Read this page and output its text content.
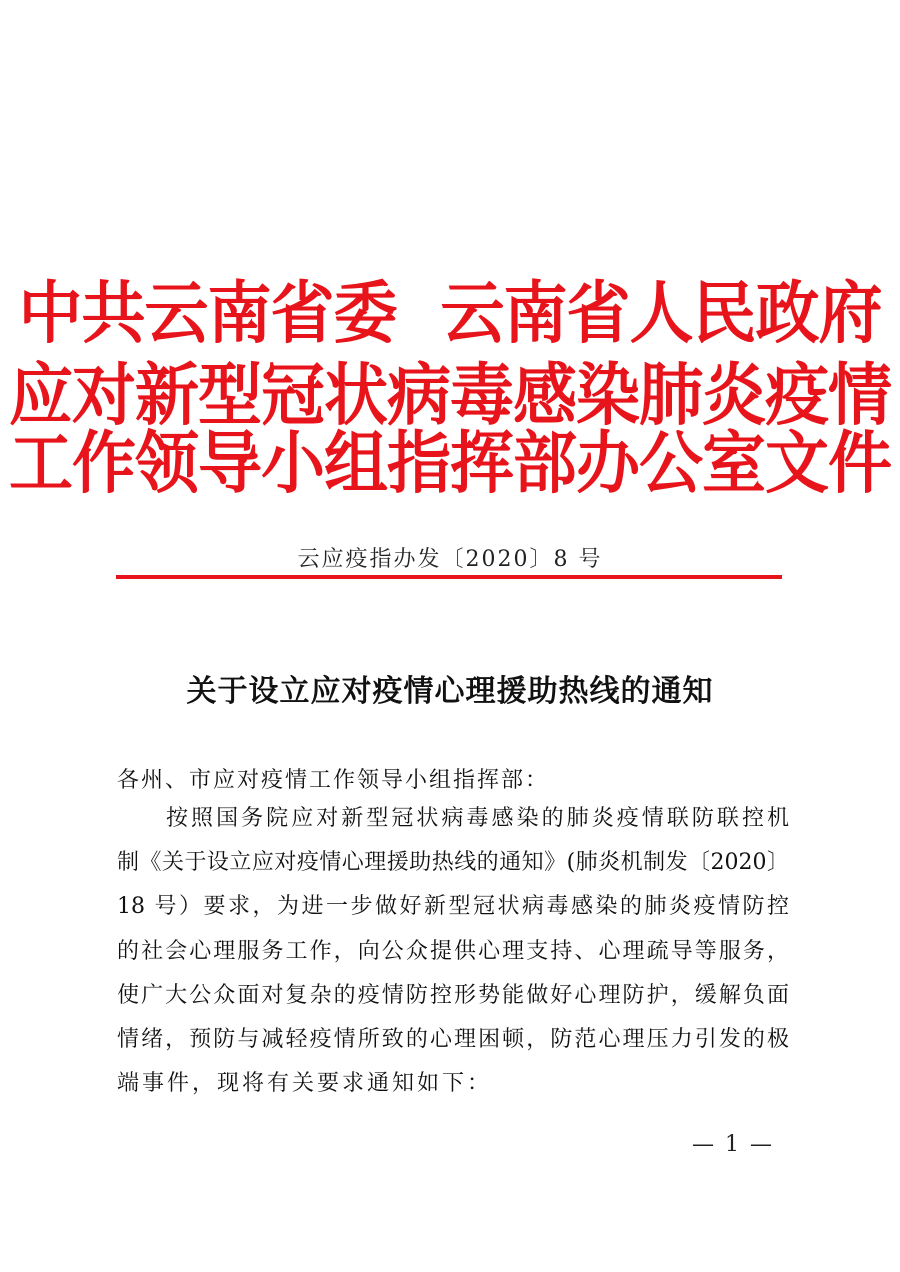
中共云南省委 云南省人民政府
应对新型冠状病毒感染肺炎疫情
工作领导小组指挥部办公室文件
云应疫指办发〔2020〕8 号
关于设立应对疫情心理援助热线的通知
各州、市应对疫情工作领导小组指挥部：
按照国务院应对新型冠状病毒感染的肺炎疫情联防联控机
制《关于设立应对疫情心理援助热线的通知》(肺炎机制发〔2020〕
18 号）要求，为进一步做好新型冠状病毒感染的肺炎疫情防控
的社会心理服务工作，向公众提供心理支持、心理疏导等服务，
使广大公众面对复杂的疫情防控形势能做好心理防护，缓解负面
情绪，预防与减轻疫情所致的心理困顿，防范心理压力引发的极
端事件，现将有关要求通知如下：
— 1 —
